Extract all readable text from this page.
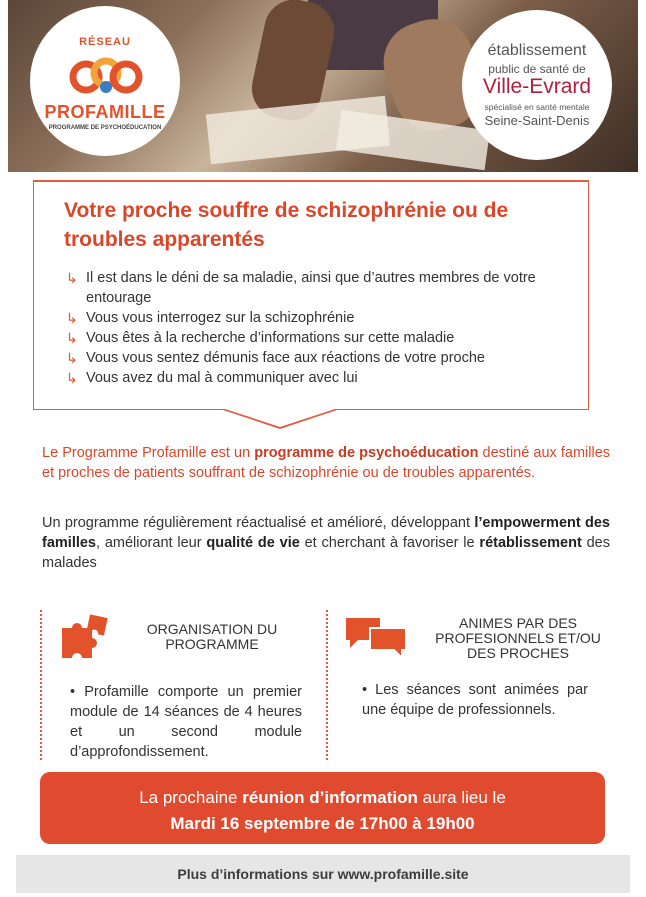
RÉSEAU
PROFAMILLE
PROGRAMME DE PSYCHOÉDUCATION
établissement
public de santé de
Ville-Evrard
spécialisé en santé mentale
Seine-Saint-Denis
Votre proche souffre de schizophrénie ou de troubles apparentés
↳ Il est dans le déni de sa maladie, ainsi que d’autres membres de votre entourage
↳ Vous vous interrogez sur la schizophrénie
↳ Vous êtes à la recherche d’informations sur cette maladie
↳ Vous vous sentez démunis face aux réactions de votre proche
↳ Vous avez du mal à communiquer avec lui
Le Programme Profamille est un programme de psychoéducation destiné aux familles et proches de patients souffrant de schizophrénie ou de troubles apparentés.
Un programme régulièrement réactualisé et amélioré, développant l’empowerment des familles, améliorant leur qualité de vie et cherchant à favoriser le rétablissement des malades
ORGANISATION DU
PROGRAMME
• Profamille comporte un premier module de 14 séances de 4 heures et un second module d’approfondissement.
ANIMES PAR DES
PROFESIONNELS ET/OU
DES PROCHES
• Les séances sont animées par une équipe de professionnels.
La prochaine réunion d’information aura lieu le
Mardi 16 septembre de 17h00 à 19h00
Plus d’informations sur www.profamille.site
